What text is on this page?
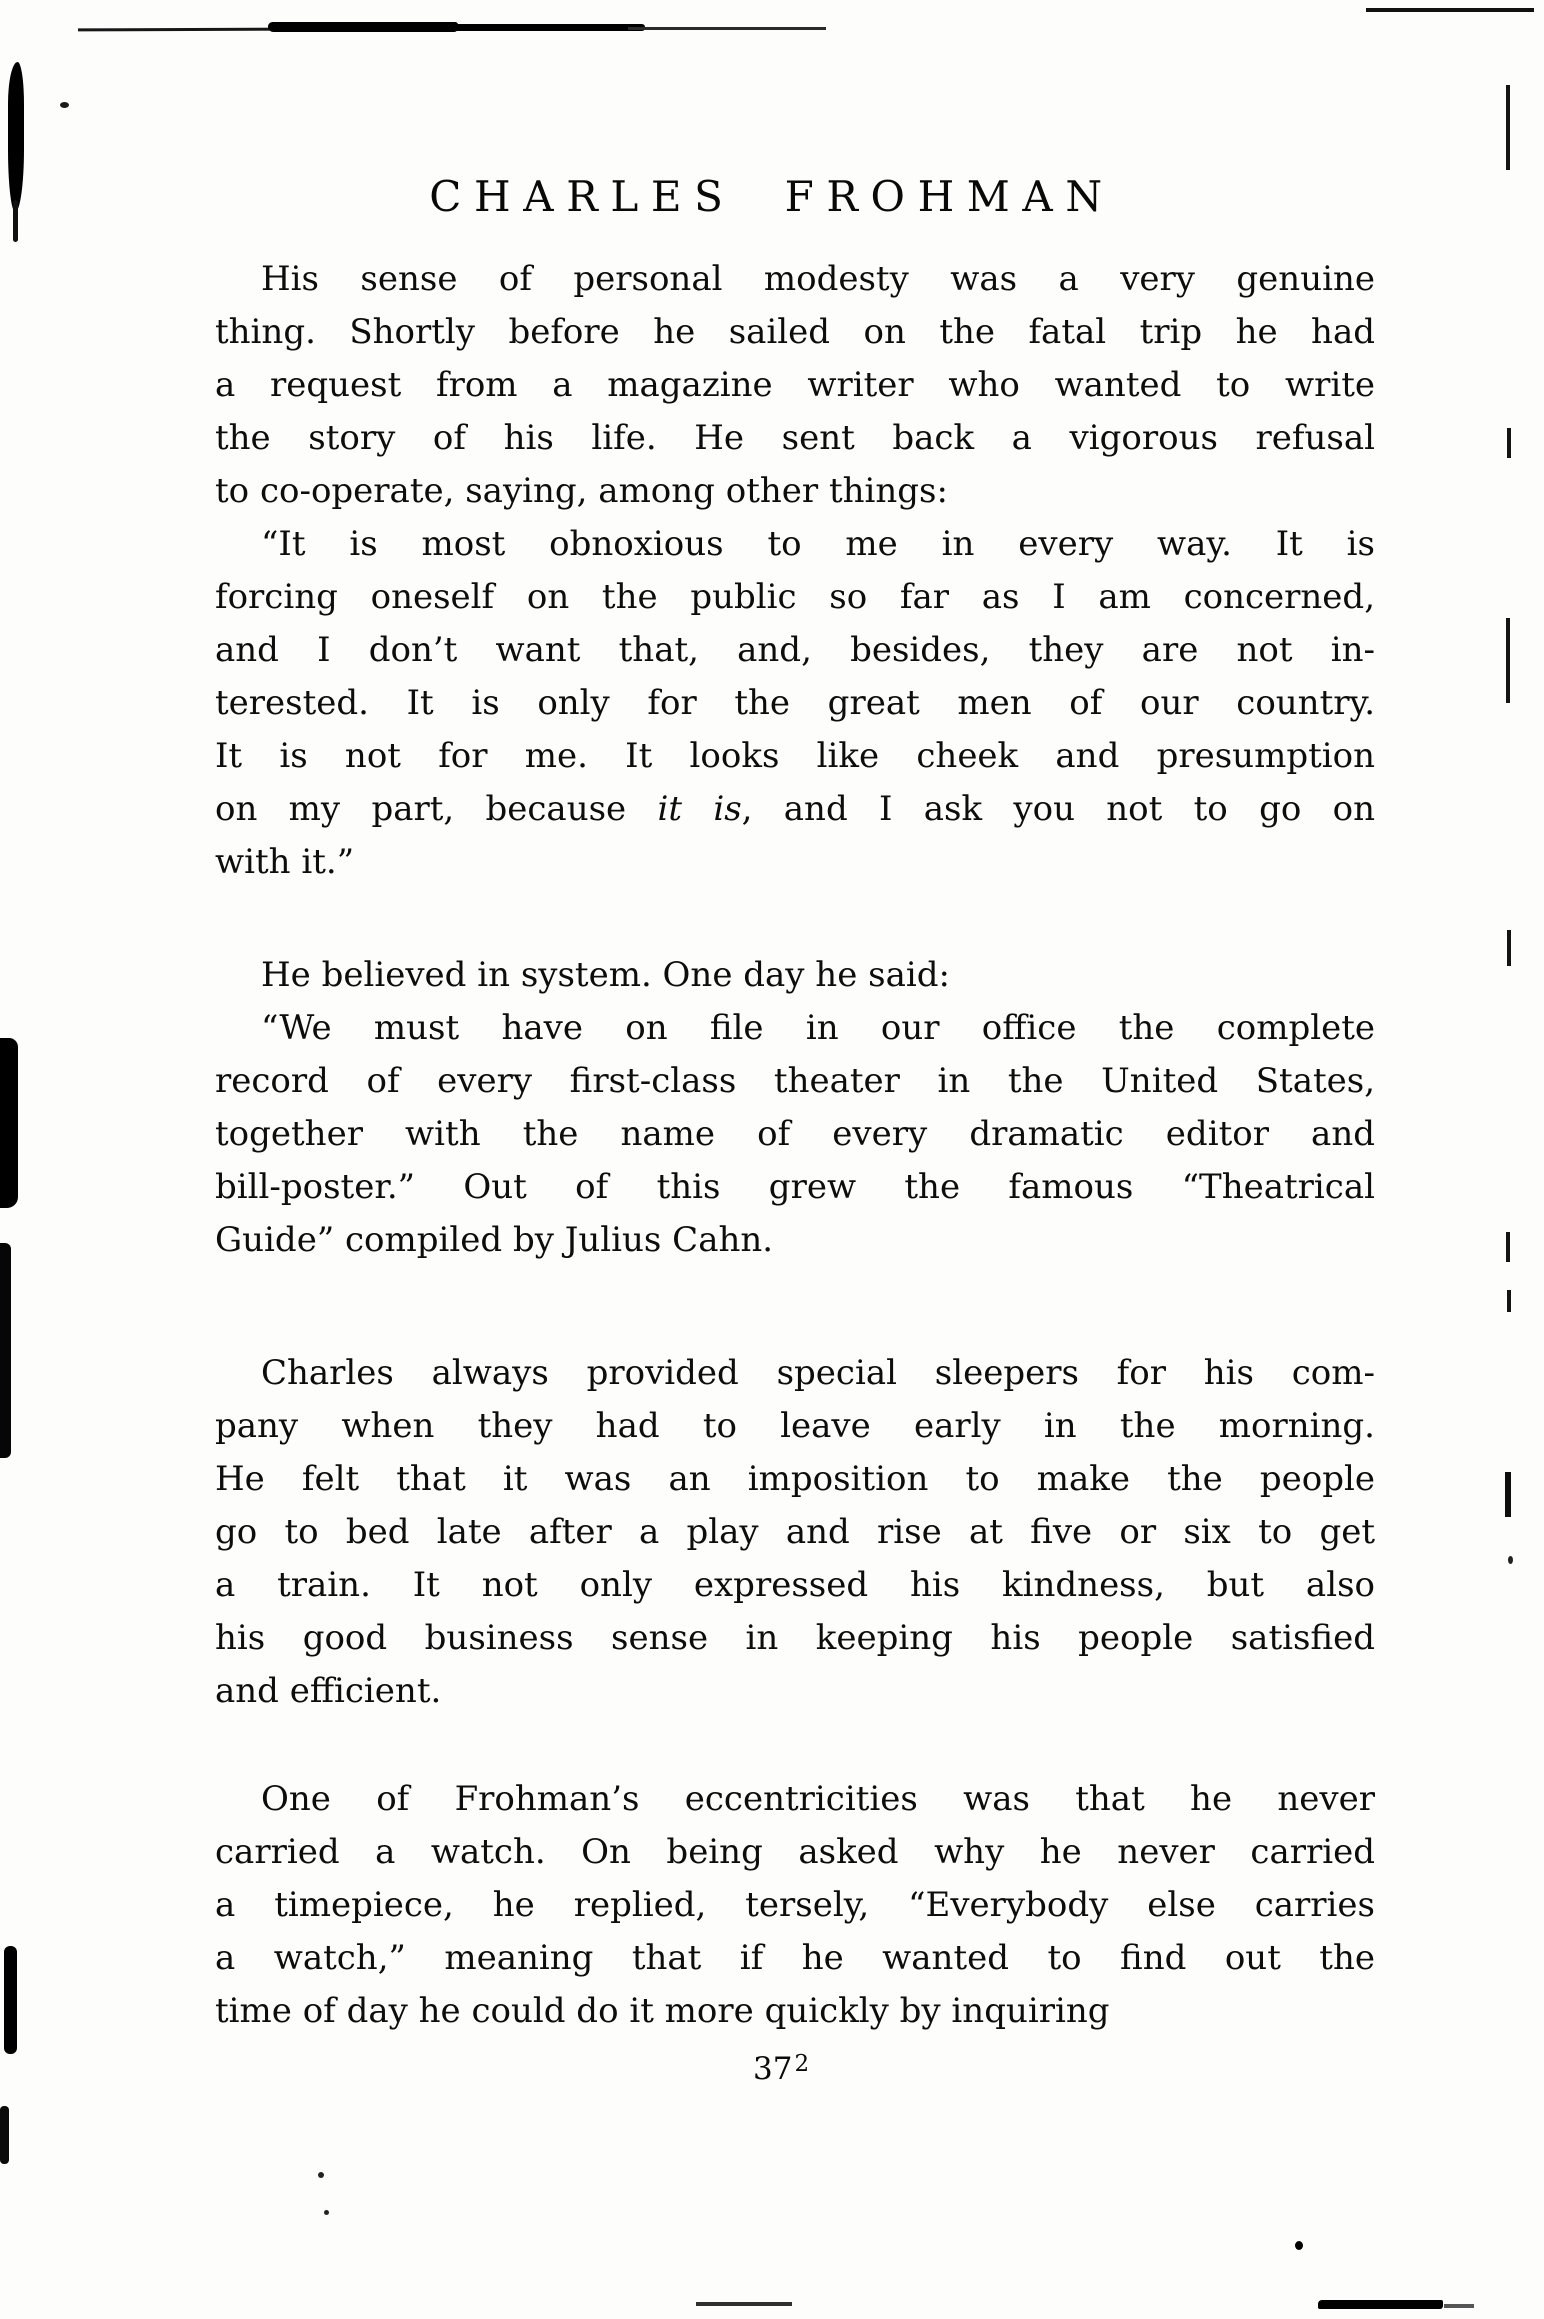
CHARLES FROHMAN
His sense of personal modesty was a very genuine
thing. Shortly before he sailed on the fatal trip he had
a request from a magazine writer who wanted to write
the story of his life. He sent back a vigorous refusal
to co-operate, saying, among other things:
“It is most obnoxious to me in every way. It is
forcing oneself on the public so far as I am concerned,
and I don’t want that, and, besides, they are not in-
terested. It is only for the great men of our country.
It is not for me. It looks like cheek and presumption
on my part, because it is, and I ask you not to go on
with it.”
He believed in system. One day he said:
“We must have on file in our office the complete
record of every first-class theater in the United States,
together with the name of every dramatic editor and
bill-poster.” Out of this grew the famous “Theatrical
Guide” compiled by Julius Cahn.
Charles always provided special sleepers for his com-
pany when they had to leave early in the morning.
He felt that it was an imposition to make the people
go to bed late after a play and rise at five or six to get
a train. It not only expressed his kindness, but also
his good business sense in keeping his people satisfied
and efficient.
One of Frohman’s eccentricities was that he never
carried a watch. On being asked why he never carried
a timepiece, he replied, tersely, “Everybody else carries
a watch,” meaning that if he wanted to find out the
time of day he could do it more quickly by inquiring
$37^2$
